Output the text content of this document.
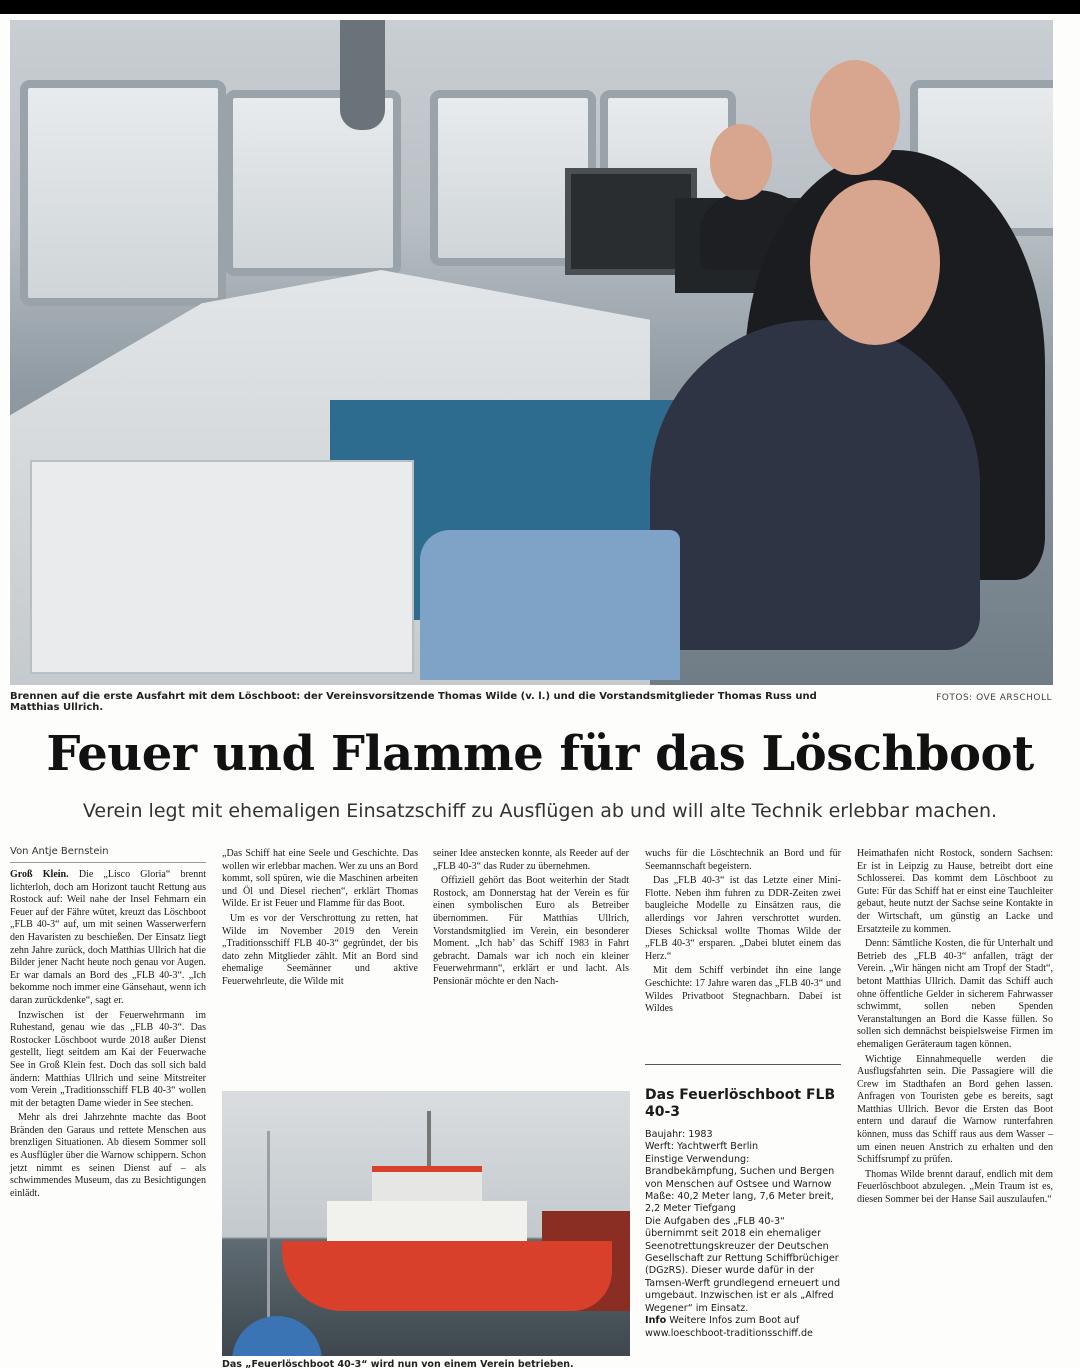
Brennen auf die erste Ausfahrt mit dem Löschboot: der Vereinsvorsitzende Thomas Wilde (v. l.) und die Vorstandsmitglieder Thomas Russ und Matthias Ullrich.
FOTOS: OVE ARSCHOLL
Feuer und Flamme für das Löschboot
Verein legt mit ehemaligen Einsatzschiff zu Ausflügen ab und will alte Technik erlebbar machen.
Von Antje Bernstein

Groß Klein. Die „Lisco Gloria“ brennt lichterloh, doch am Horizont taucht Rettung aus Rostock auf: Weil nahe der Insel Fehmarn ein Feuer auf der Fähre wütet, kreuzt das Löschboot „FLB 40-3“ auf, um mit seinen Wasserwerfern den Havaristen zu beschießen. Der Einsatz liegt zehn Jahre zurück, doch Matthias Ullrich hat die Bilder jener Nacht heute noch genau vor Augen. Er war damals an Bord des „FLB 40-3“. „Ich bekomme noch immer eine Gänsehaut, wenn ich daran zurückdenke“, sagt er.

Inzwischen ist der Feuerwehrmann im Ruhestand, genau wie das „FLB 40-3“. Das Rostocker Löschboot wurde 2018 außer Dienst gestellt, liegt seitdem am Kai der Feuerwache See in Groß Klein fest. Doch das soll sich bald ändern: Matthias Ullrich und seine Mitstreiter vom Verein „Traditionsschiff FLB 40-3“ wollen mit der betagten Dame wieder in See stechen.

Mehr als drei Jahrzehnte machte das Boot Bränden den Garaus und rettete Menschen aus brenzligen Situationen. Ab diesem Sommer soll es Ausflügler über die Warnow schippern. Schon jetzt nimmt es seinen Dienst auf – als schwimmendes Museum, das zu Besichtigungen einlädt.

„Das Schiff hat eine Seele und Geschichte. Das wollen wir erlebbar machen. Wer zu uns an Bord kommt, soll spüren, wie die Maschinen arbeiten und Öl und Diesel riechen“, erklärt Thomas Wilde. Er ist Feuer und Flamme für das Boot.

Um es vor der Verschrottung zu retten, hat Wilde im November 2019 den Verein „Traditionsschiff FLB 40-3“ gegründet, der bis dato zehn Mitglieder zählt. Mit an Bord sind ehemalige Seemänner und aktive Feuerwehrleute, die Wilde mit

seiner Idee anstecken konnte, als Reeder auf der „FLB 40-3“ das Ruder zu übernehmen.

Offiziell gehört das Boot weiterhin der Stadt Rostock, am Donnerstag hat der Verein es für einen symbolischen Euro als Betreiber übernommen. Für Matthias Ullrich, Vorstandsmitglied im Verein, ein besonderer Moment. „Ich hab’ das Schiff 1983 in Fahrt gebracht. Damals war ich noch ein kleiner Feuerwehrmann“, erklärt er und lacht. Als Pensionär möchte er den Nach-

wuchs für die Löschtechnik an Bord und für Seemannschaft begeistern.

Das „FLB 40-3“ ist das Letzte einer Mini-Flotte. Neben ihm fuhren zu DDR-Zeiten zwei baugleiche Modelle zu Einsätzen raus, die allerdings vor Jahren verschrottet wurden. Dieses Schicksal wollte Thomas Wilde der „FLB 40-3“ ersparen. „Dabei blutet einem das Herz.“

Mit dem Schiff verbindet ihn eine lange Geschichte: 17 Jahre waren das „FLB 40-3“ und Wildes Privatboot Stegnachbarn. Dabei ist Wildes

Heimathafen nicht Rostock, sondern Sachsen: Er ist in Leipzig zu Hause, betreibt dort eine Schlosserei. Das kommt dem Löschboot zu Gute: Für das Schiff hat er einst eine Tauchleiter gebaut, heute nutzt der Sachse seine Kontakte in der Wirtschaft, um günstig an Lacke und Ersatzteile zu kommen.

Denn: Sämtliche Kosten, die für Unterhalt und Betrieb des „FLB 40-3“ anfallen, trägt der Verein. „Wir hängen nicht am Tropf der Stadt“, betont Matthias Ullrich. Damit das Schiff auch ohne öffentliche Gelder in sicherem Fahrwasser schwimmt, sollen neben Spenden Veranstaltungen an Bord die Kasse füllen. So sollen sich demnächst beispielsweise Firmen im ehemaligen Geräteraum tagen können.

Wichtige Einnahmequelle werden die Ausflugsfahrten sein. Die Passagiere will die Crew im Stadthafen an Bord gehen lassen. Anfragen von Touristen gebe es bereits, sagt Matthias Ullrich. Bevor die Ersten das Boot entern und darauf die Warnow runterfahren können, muss das Schiff raus aus dem Wasser – um einen neuen Anstrich zu erhalten und den Schiffsrumpf zu prüfen.

Thomas Wilde brennt darauf, endlich mit dem Feuerlöschboot abzulegen. „Mein Traum ist es, diesen Sommer bei der Hanse Sail auszulaufen.“

Das „Feuerlöschboot 40-3“ wird nun von einem Verein betrieben.
Das Feuerlöschboot FLB 40-3

Baujahr: 1983

Werft: Yachtwerft Berlin

Einstige Verwendung: Brandbekämpfung, Suchen und Bergen von Menschen auf Ostsee und Warnow

Maße: 40,2 Meter lang, 7,6 Meter breit, 2,2 Meter Tiefgang

Die Aufgaben des „FLB 40-3“ übernimmt seit 2018 ein ehemaliger Seenotrettungskreuzer der Deutschen Gesellschaft zur Rettung Schiffbrüchiger (DGzRS). Dieser wurde dafür in der Tamsen-Werft grundlegend erneuert und umgebaut. Inzwischen ist er als „Alfred Wegener“ im Einsatz.

Info Weitere Infos zum Boot auf www.loeschboot-traditionsschiff.de
